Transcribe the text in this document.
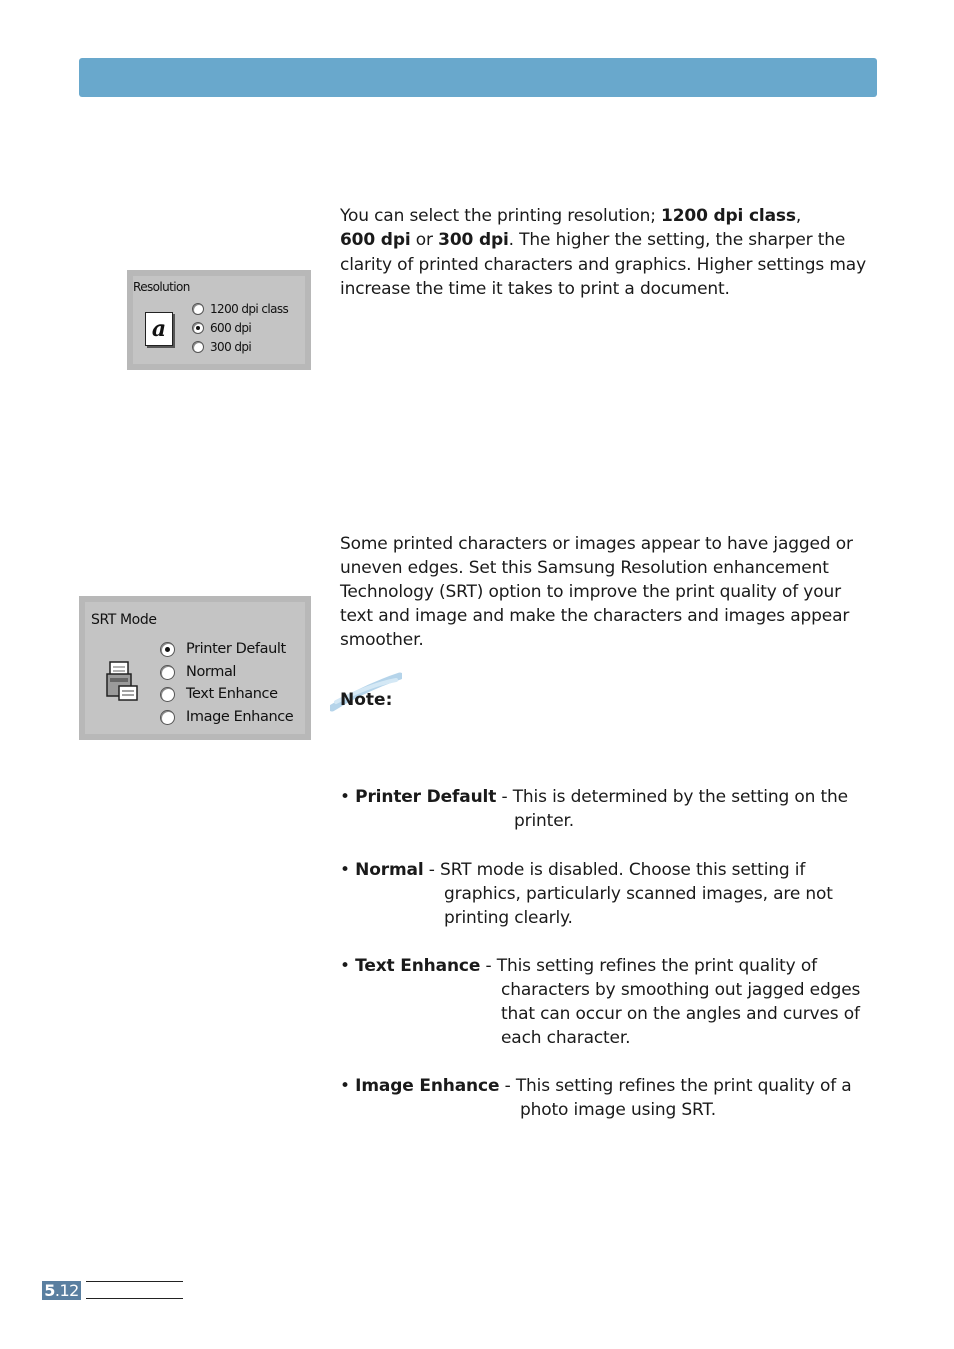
You can select the printing resolution; 1200 dpi class,
600 dpi or 300 dpi. The higher the setting, the sharper the
clarity of printed characters and graphics. Higher settings may
increase the time it takes to print a document.
Resolution
a
1200 dpi class
600 dpi
300 dpi
Some printed characters or images appear to have jagged or
uneven edges. Set this Samsung Resolution enhancement
Technology (SRT) option to improve the print quality of your
text and image and make the characters and images appear
smoother.
SRT Mode
Printer Default
Normal
Text Enhance
Image Enhance
Note:
• Printer Default - This is determined by the setting on the
printer.
• Normal - SRT mode is disabled. Choose this setting if
graphics, particularly scanned images, are not
printing clearly.
• Text Enhance - This setting refines the print quality of
characters by smoothing out jagged edges
that can occur on the angles and curves of
each character.
• Image Enhance - This setting refines the print quality of a
photo image using SRT.
5.12
